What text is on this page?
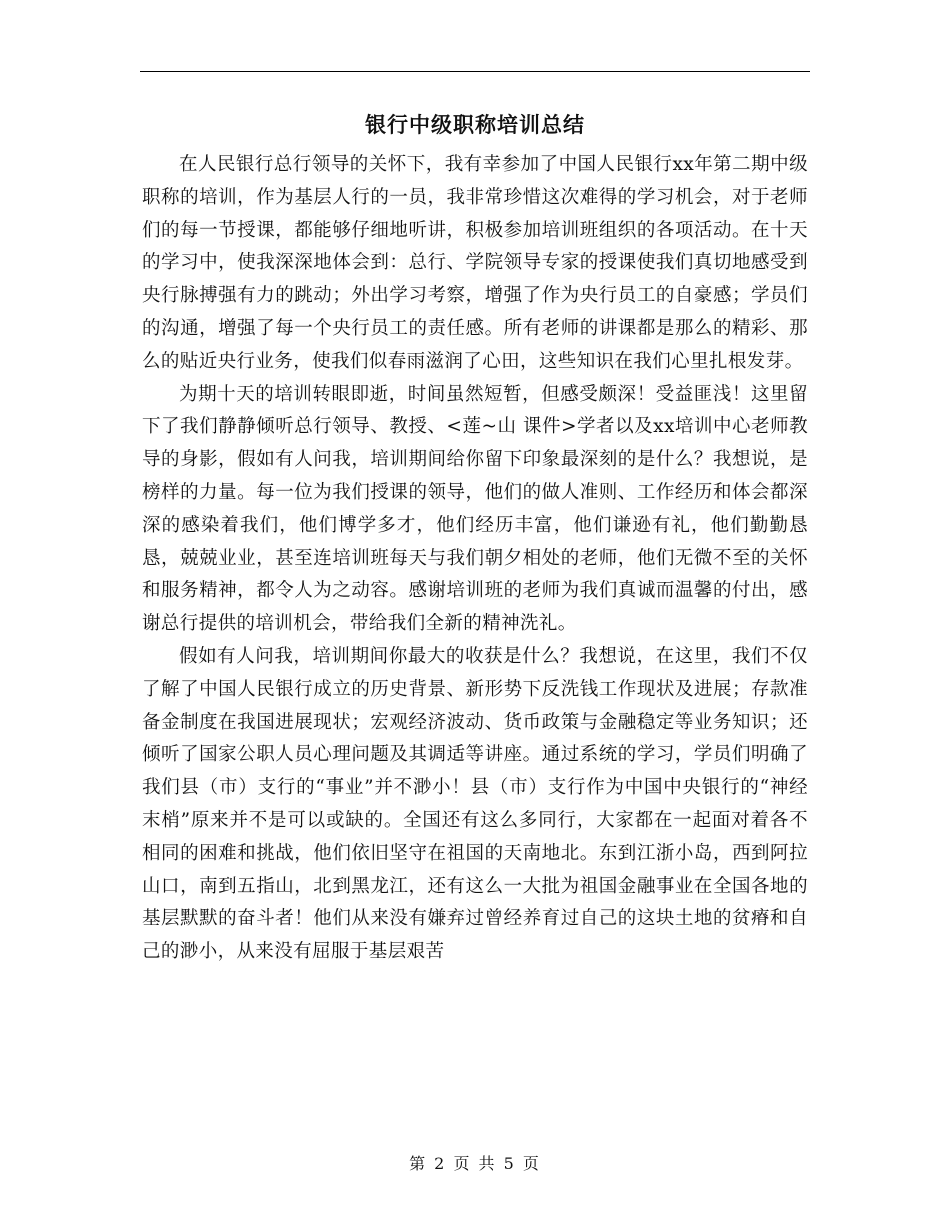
银行中级职称培训总结

在人民银行总行领导的关怀下，我有幸参加了中国人民银行xx年第二期中级职称的培训，作为基层人行的一员，我非常珍惜这次难得的学习机会，对于老师们的每一节授课，都能够仔细地听讲，积极参加培训班组织的各项活动。在十天的学习中，使我深深地体会到：总行、学院领导专家的授课使我们真切地感受到央行脉搏强有力的跳动；外出学习考察，增强了作为央行员工的自豪感；学员们的沟通，增强了每一个央行员工的责任感。所有老师的讲课都是那么的精彩、那么的贴近央行业务，使我们似春雨滋润了心田，这些知识在我们心里扎根发芽。

为期十天的培训转眼即逝，时间虽然短暂，但感受颇深！受益匪浅！这里留下了我们静静倾听总行领导、教授、<莲~山 课件>学者以及xx培训中心老师教导的身影，假如有人问我，培训期间给你留下印象最深刻的是什么？我想说，是榜样的力量。每一位为我们授课的领导，他们的做人准则、工作经历和体会都深深的感染着我们，他们博学多才，他们经历丰富，他们谦逊有礼，他们勤勤恳恳，兢兢业业，甚至连培训班每天与我们朝夕相处的老师，他们无微不至的关怀和服务精神，都令人为之动容。感谢培训班的老师为我们真诚而温馨的付出，感谢总行提供的培训机会，带给我们全新的精神洗礼。

假如有人问我，培训期间你最大的收获是什么？我想说，在这里，我们不仅了解了中国人民银行成立的历史背景、新形势下反洗钱工作现状及进展；存款准备金制度在我国进展现状；宏观经济波动、货币政策与金融稳定等业务知识；还倾听了国家公职人员心理问题及其调适等讲座。通过系统的学习，学员们明确了我们县（市）支行的“事业”并不渺小！县（市）支行作为中国中央银行的“神经末梢”原来并不是可以或缺的。全国还有这么多同行，大家都在一起面对着各不相同的困难和挑战，他们依旧坚守在祖国的天南地北。东到江浙小岛，西到阿拉山口，南到五指山，北到黑龙江，还有这么一大批为祖国金融事业在全国各地的基层默默的奋斗者！他们从来没有嫌弃过曾经养育过自己的这块土地的贫瘠和自己的渺小，从来没有屈服于基层艰苦

第 2 页 共 5 页
